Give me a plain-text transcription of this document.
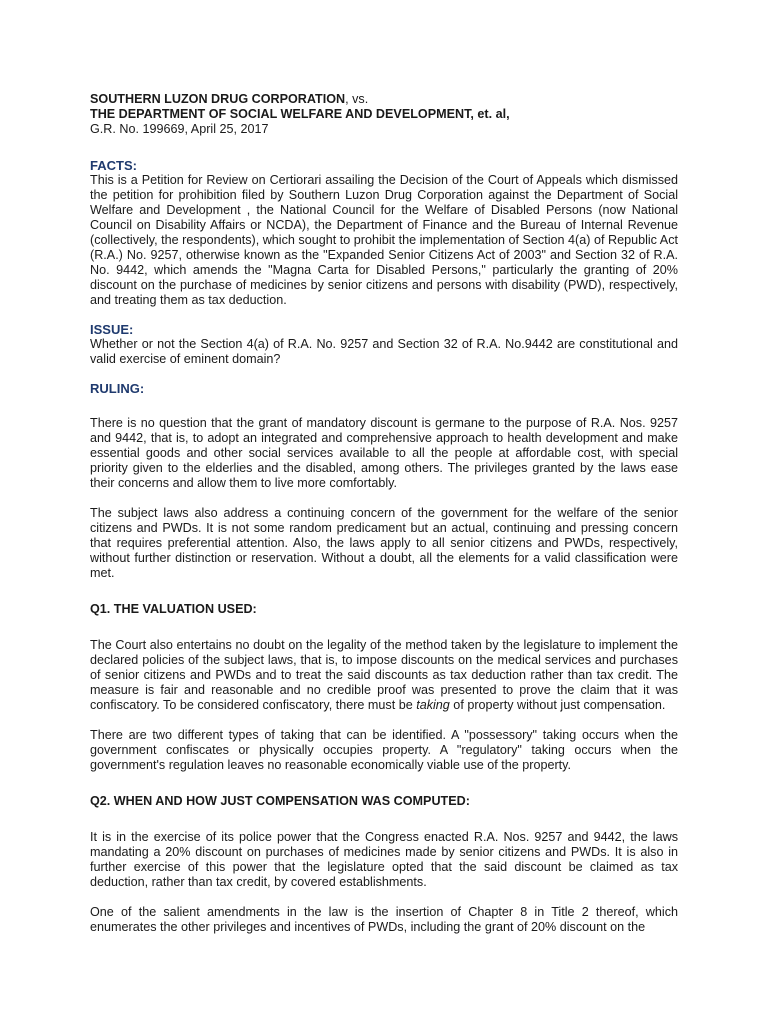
SOUTHERN LUZON DRUG CORPORATION, vs.
THE DEPARTMENT OF SOCIAL WELFARE AND DEVELOPMENT, et. al,
G.R. No. 199669, April 25, 2017
FACTS:

This is a Petition for Review on Certiorari assailing the Decision of the Court of Appeals which dismissed the petition for prohibition filed by Southern Luzon Drug Corporation against the Department of Social Welfare and Development , the National Council for the Welfare of Disabled Persons (now National Council on Disability Affairs or NCDA), the Department of Finance and the Bureau of Internal Revenue (collectively, the respondents), which sought to prohibit the implementation of Section 4(a) of Republic Act (R.A.) No. 9257, otherwise known as the "Expanded Senior Citizens Act of 2003" and Section 32 of R.A. No. 9442, which amends the "Magna Carta for Disabled Persons," particularly the granting of 20% discount on the purchase of medicines by senior citizens and persons with disability (PWD), respectively, and treating them as tax deduction.

ISSUE:

Whether or not the Section 4(a) of R.A. No. 9257 and Section 32 of R.A. No.9442 are constitutional and valid exercise of eminent domain?

RULING:

There is no question that the grant of mandatory discount is germane to the purpose of R.A. Nos. 9257 and 9442, that is, to adopt an integrated and comprehensive approach to health development and make essential goods and other social services available to all the people at affordable cost, with special priority given to the elderlies and the disabled, among others. The privileges granted by the laws ease their concerns and allow them to live more comfortably.

The subject laws also address a continuing concern of the government for the welfare of the senior citizens and PWDs. It is not some random predicament but an actual, continuing and pressing concern that requires preferential attention. Also, the laws apply to all senior citizens and PWDs, respectively, without further distinction or reservation. Without a doubt, all the elements for a valid classification were met.

Q1. THE VALUATION USED:

The Court also entertains no doubt on the legality of the method taken by the legislature to implement the declared policies of the subject laws, that is, to impose discounts on the medical services and purchases of senior citizens and PWDs and to treat the said discounts as tax deduction rather than tax credit. The measure is fair and reasonable and no credible proof was presented to prove the claim that it was confiscatory. To be considered confiscatory, there must be taking of property without just compensation.

There are two different types of taking that can be identified. A "possessory" taking occurs when the government confiscates or physically occupies property. A "regulatory" taking occurs when the government's regulation leaves no reasonable economically viable use of the property.

Q2. WHEN AND HOW JUST COMPENSATION WAS COMPUTED:

It is in the exercise of its police power that the Congress enacted R.A. Nos. 9257 and 9442, the laws mandating a 20% discount on purchases of medicines made by senior citizens and PWDs. It is also in further exercise of this power that the legislature opted that the said discount be claimed as tax deduction, rather than tax credit, by covered establishments.

One of the salient amendments in the law is the insertion of Chapter 8 in Title 2 thereof, which enumerates the other privileges and incentives of PWDs, including the grant of 20% discount on the
